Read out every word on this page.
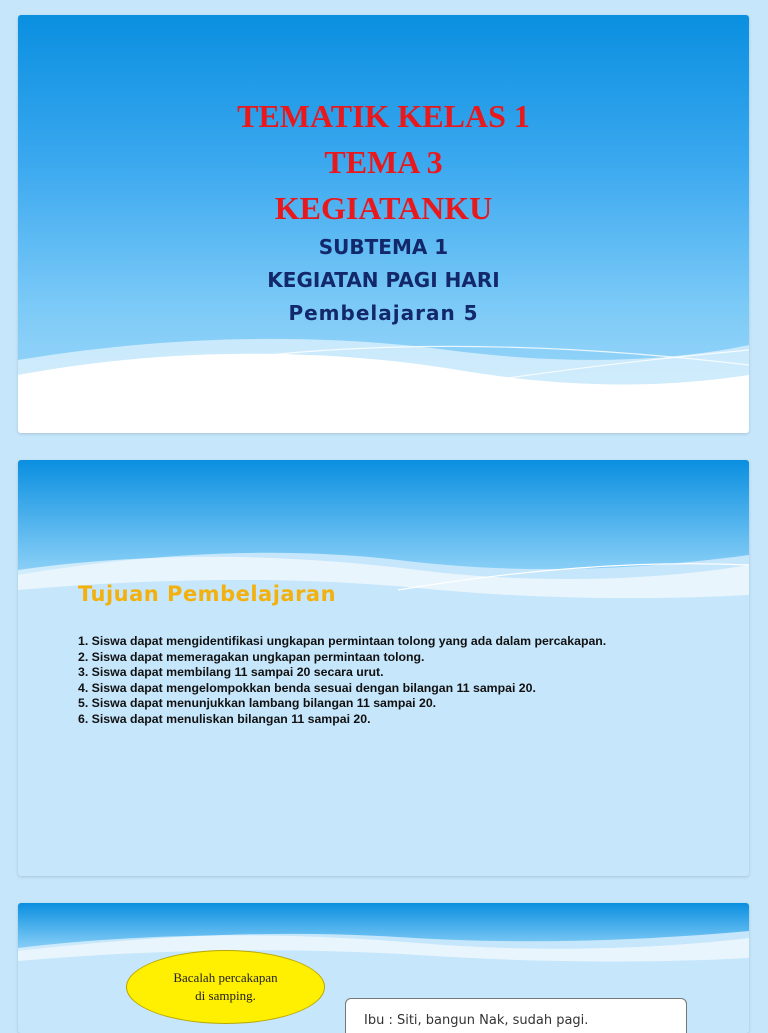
TEMATIK KELAS 1
TEMA 3
KEGIATANKU
SUBTEMA 1
KEGIATAN PAGI HARI
Pembelajaran 5
Tujuan Pembelajaran
1. Siswa dapat mengidentifikasi ungkapan permintaan tolong yang ada dalam percakapan.
2. Siswa dapat memeragakan ungkapan permintaan tolong.
3. Siswa dapat membilang 11 sampai 20 secara urut.
4. Siswa dapat mengelompokkan benda sesuai dengan bilangan 11 sampai 20.
5. Siswa dapat menunjukkan lambang bilangan 11 sampai 20.
6. Siswa dapat menuliskan bilangan 11 sampai 20.
Bacalah percakapan
di samping.
Ibu : Siti, bangun Nak, sudah pagi.
